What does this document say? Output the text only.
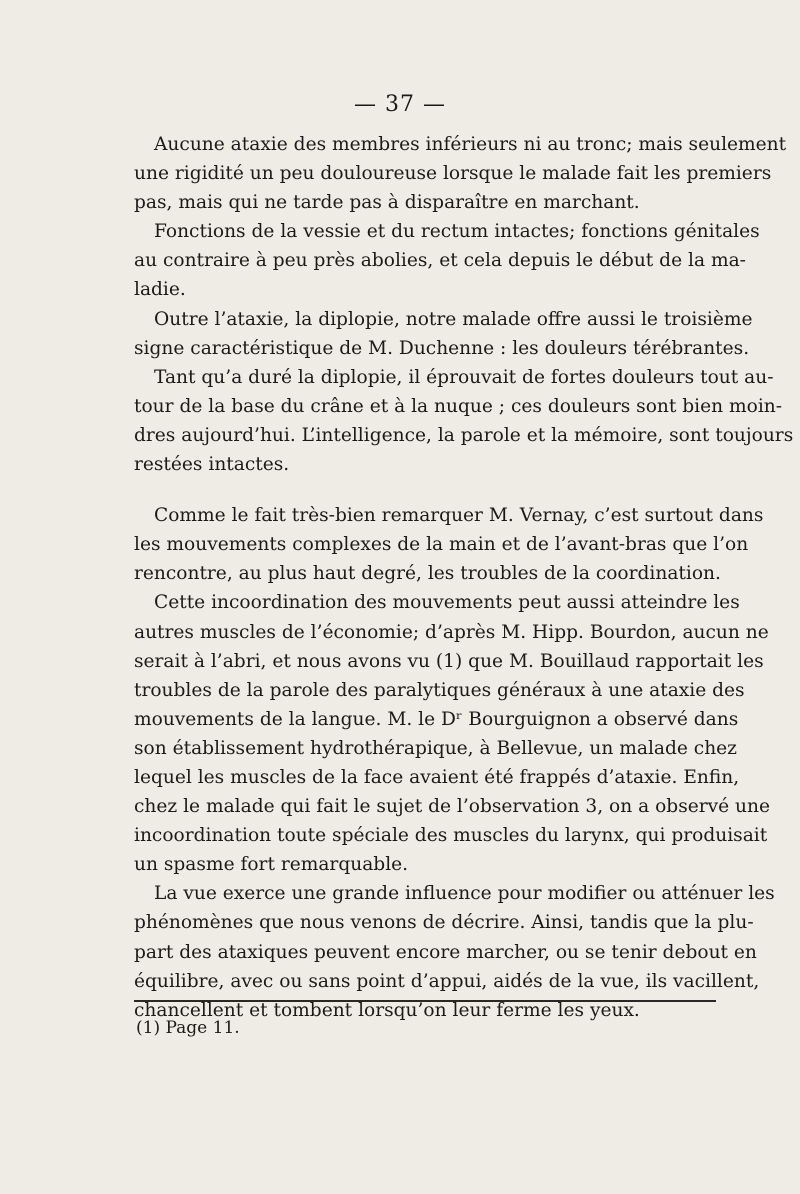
— 37 —
Aucune ataxie des membres inférieurs ni au tronc; mais seulement
une rigidité un peu douloureuse lorsque le malade fait les premiers
pas, mais qui ne tarde pas à disparaître en marchant.
Fonctions de la vessie et du rectum intactes; fonctions génitales
au contraire à peu près abolies, et cela depuis le début de la ma-
ladie.
Outre l’ataxie, la diplopie, notre malade offre aussi le troisième
signe caractéristique de M. Duchenne : les douleurs térébrantes.
Tant qu’a duré la diplopie, il éprouvait de fortes douleurs tout au-
tour de la base du crâne et à la nuque ; ces douleurs sont bien moin-
dres aujourd’hui. L’intelligence, la parole et la mémoire, sont toujours
restées intactes.
Comme le fait très-bien remarquer M. Vernay, c’est surtout dans
les mouvements complexes de la main et de l’avant-bras que l’on
rencontre, au plus haut degré, les troubles de la coordination.
Cette incoordination des mouvements peut aussi atteindre les
autres muscles de l’économie; d’après M. Hipp. Bourdon, aucun ne
serait à l’abri, et nous avons vu (1) que M. Bouillaud rapportait les
troubles de la parole des paralytiques généraux à une ataxie des
mouvements de la langue. M. le Dʳ Bourguignon a observé dans
son établissement hydrothérapique, à Bellevue, un malade chez
lequel les muscles de la face avaient été frappés d’ataxie. Enfin,
chez le malade qui fait le sujet de l’observation 3, on a observé une
incoordination toute spéciale des muscles du larynx, qui produisait
un spasme fort remarquable.
La vue exerce une grande influence pour modifier ou atténuer les
phénomènes que nous venons de décrire. Ainsi, tandis que la plu-
part des ataxiques peuvent encore marcher, ou se tenir debout en
équilibre, avec ou sans point d’appui, aidés de la vue, ils vacillent,
chancellent et tombent lorsqu’on leur ferme les yeux.
(1) Page 11.
